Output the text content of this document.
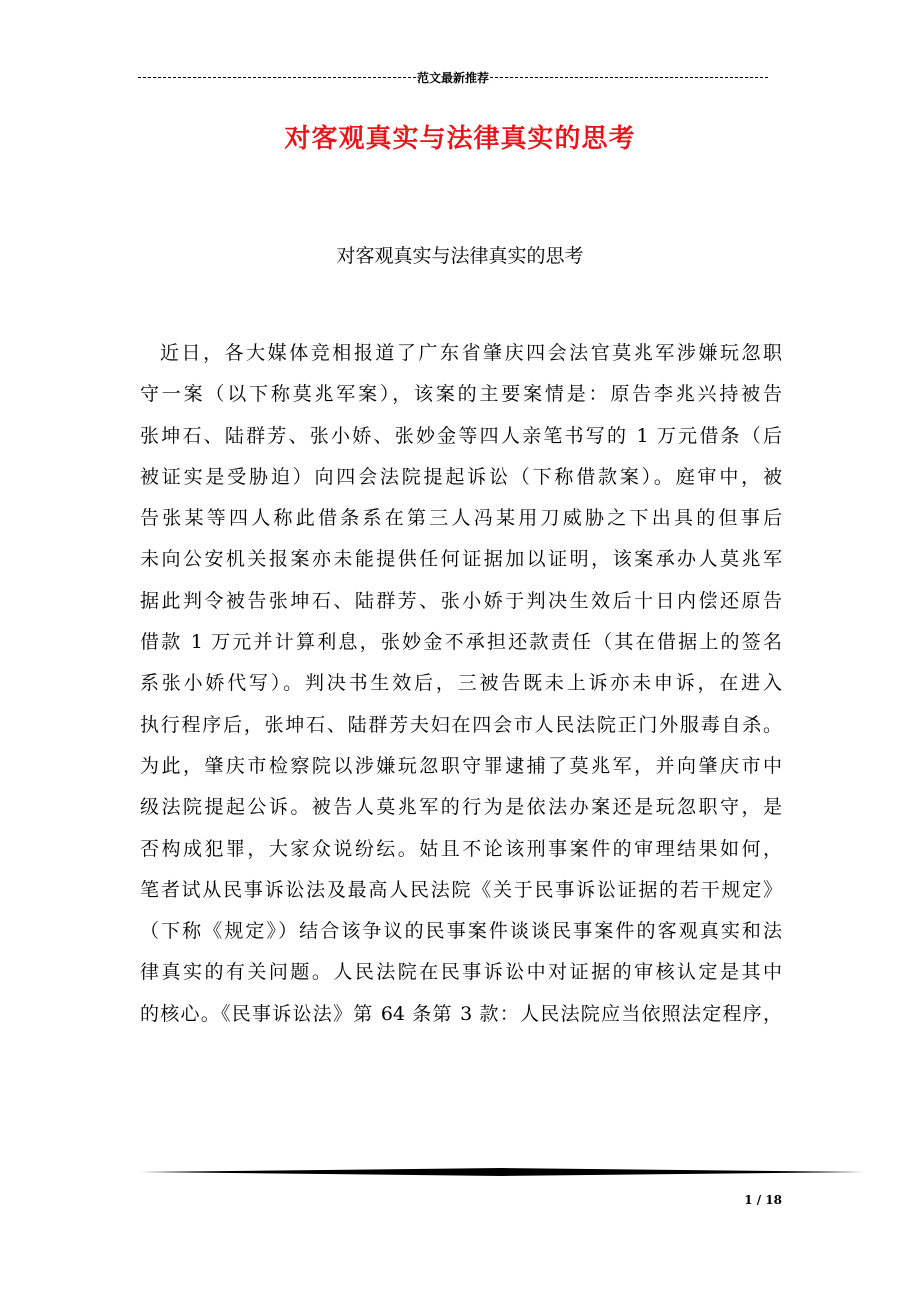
范文最新推荐
对客观真实与法律真实的思考
对客观真实与法律真实的思考
近日，各大媒体竞相报道了广东省肇庆四会法官莫兆军涉嫌玩忽职
守一案（以下称莫兆军案），该案的主要案情是：原告李兆兴持被告
张坤石、陆群芳、张小娇、张妙金等四人亲笔书写的 1 万元借条（后
被证实是受胁迫）向四会法院提起诉讼（下称借款案）。庭审中，被
告张某等四人称此借条系在第三人冯某用刀威胁之下出具的但事后
未向公安机关报案亦未能提供任何证据加以证明，该案承办人莫兆军
据此判令被告张坤石、陆群芳、张小娇于判决生效后十日内偿还原告
借款 1 万元并计算利息，张妙金不承担还款责任（其在借据上的签名
系张小娇代写）。判决书生效后，三被告既未上诉亦未申诉，在进入
执行程序后，张坤石、陆群芳夫妇在四会市人民法院正门外服毒自杀。
为此，肇庆市检察院以涉嫌玩忽职守罪逮捕了莫兆军，并向肇庆市中
级法院提起公诉。被告人莫兆军的行为是依法办案还是玩忽职守，是
否构成犯罪，大家众说纷纭。姑且不论该刑事案件的审理结果如何，
笔者试从民事诉讼法及最高人民法院《关于民事诉讼证据的若干规定》
（下称《规定》）结合该争议的民事案件谈谈民事案件的客观真实和法
律真实的有关问题。人民法院在民事诉讼中对证据的审核认定是其中
的核心。《民事诉讼法》第 64 条第 3 款：人民法院应当依照法定程序，
1 / 18
